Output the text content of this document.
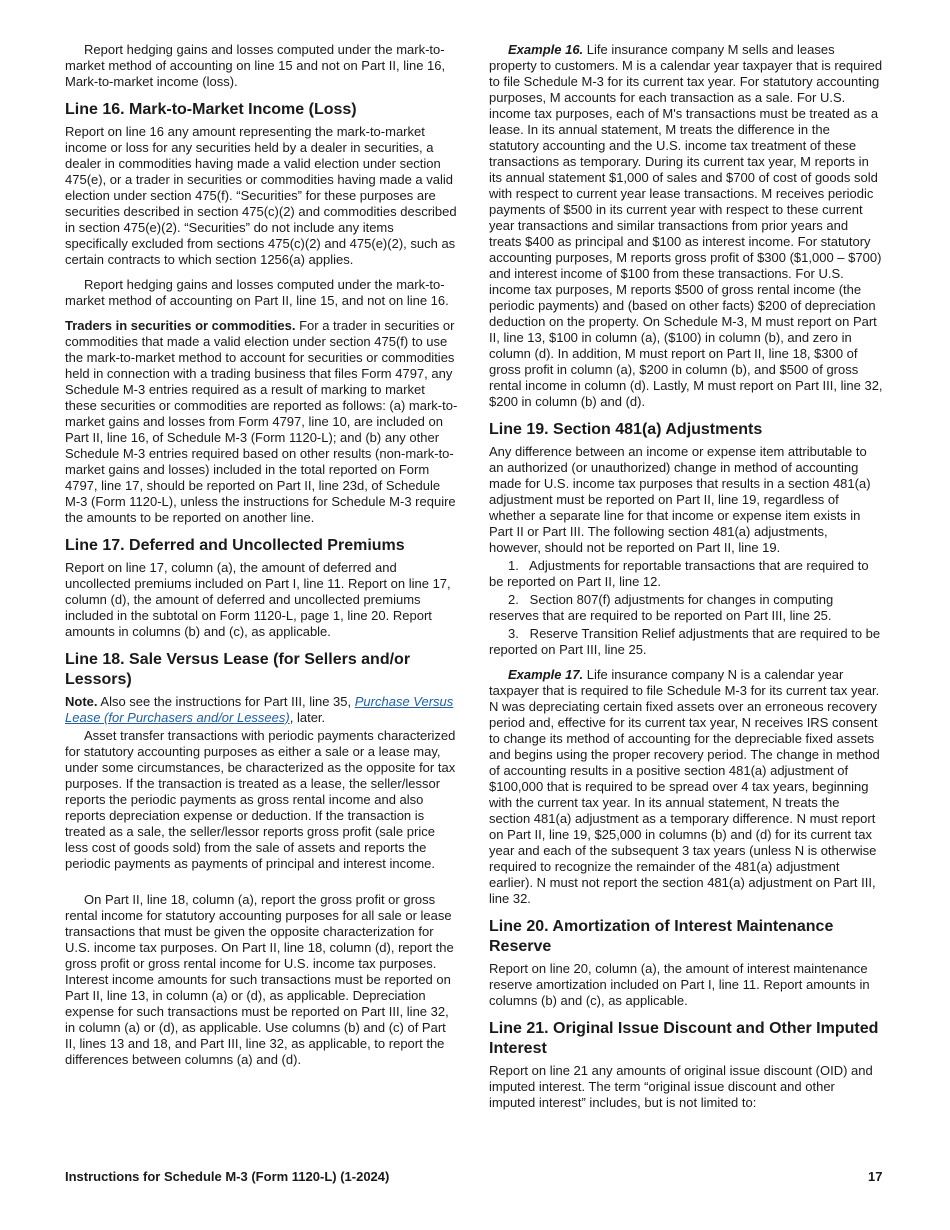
Report hedging gains and losses computed under the mark-to-market method of accounting on line 15 and not on Part II, line 16, Mark-to-market income (loss).

Line 16. Mark-to-Market Income (Loss)

Report on line 16 any amount representing the mark-to-market income or loss for any securities held by a dealer in securities, a dealer in commodities having made a valid election under section 475(e), or a trader in securities or commodities having made a valid election under section 475(f). “Securities” for these purposes are securities described in section 475(c)(2) and commodities described in section 475(e)(2). “Securities” do not include any items specifically excluded from sections 475(c)(2) and 475(e)(2), such as certain contracts to which section 1256(a) applies.

Report hedging gains and losses computed under the mark-to-market method of accounting on Part II, line 15, and not on line 16.

Traders in securities or commodities. For a trader in securities or commodities that made a valid election under section 475(f) to use the mark-to-market method to account for securities or commodities held in connection with a trading business that files Form 4797, any Schedule M-3 entries required as a result of marking to market these securities or commodities are reported as follows: (a) mark-to- market gains and losses from Form 4797, line 10, are included on Part II, line 16, of Schedule M-3 (Form 1120-L); and (b) any other Schedule M-3 entries required based on other results (non-mark-to-market gains and losses) included in the total reported on Form 4797, line 17, should be reported on Part II, line 23d, of Schedule M-3 (Form 1120-L), unless the instructions for Schedule M-3 require the amounts to be reported on another line.

Line 17. Deferred and Uncollected Premiums

Report on line 17, column (a), the amount of deferred and uncollected premiums included on Part I, line 11. Report on line 17, column (d), the amount of deferred and uncollected premiums included in the subtotal on Form 1120-L, page 1, line 20. Report amounts in columns (b) and (c), as applicable.

Line 18. Sale Versus Lease (for Sellers and/or Lessors)

Note. Also see the instructions for Part III, line 35, Purchase Versus Lease (for Purchasers and/or Lessees), later.

Asset transfer transactions with periodic payments characterized for statutory accounting purposes as either a sale or a lease may, under some circumstances, be characterized as the opposite for tax purposes. If the transaction is treated as a lease, the seller/lessor reports the periodic payments as gross rental income and also reports depreciation expense or deduction. If the transaction is treated as a sale, the seller/lessor reports gross profit (sale price less cost of goods sold) from the sale of assets and reports the periodic payments as payments of principal and interest income.

On Part II, line 18, column (a), report the gross profit or gross rental income for statutory accounting purposes for all sale or lease transactions that must be given the opposite characterization for U.S. income tax purposes. On Part II, line 18, column (d), report the gross profit or gross rental income for U.S. income tax purposes. Interest income amounts for such transactions must be reported on Part II, line 13, in column (a) or (d), as applicable. Depreciation expense for such transactions must be reported on Part III, line 32, in column (a) or (d), as applicable. Use columns (b) and (c) of Part II, lines 13 and 18, and Part III, line 32, as applicable, to report the differences between columns (a) and (d).

Example 16. Life insurance company M sells and leases property to customers. M is a calendar year taxpayer that is required to file Schedule M-3 for its current tax year. For statutory accounting purposes, M accounts for each transaction as a sale. For U.S. income tax purposes, each of M's transactions must be treated as a lease. In its annual statement, M treats the difference in the statutory accounting and the U.S. income tax treatment of these transactions as temporary. During its current tax year, M reports in its annual statement $1,000 of sales and $700 of cost of goods sold with respect to current year lease transactions. M receives periodic payments of $500 in its current year with respect to these current year transactions and similar transactions from prior years and treats $400 as principal and $100 as interest income. For statutory accounting purposes, M reports gross profit of $300 ($1,000 – $700) and interest income of $100 from these transactions. For U.S. income tax purposes, M reports $500 of gross rental income (the periodic payments) and (based on other facts) $200 of depreciation deduction on the property. On Schedule M-3, M must report on Part II, line 13, $100 in column (a), ($100) in column (b), and zero in column (d). In addition, M must report on Part II, line 18, $300 of gross profit in column (a), $200 in column (b), and $500 of gross rental income in column (d). Lastly, M must report on Part III, line 32, $200 in column (b) and (d).

Line 19. Section 481(a) Adjustments

Any difference between an income or expense item attributable to an authorized (or unauthorized) change in method of accounting made for U.S. income tax purposes that results in a section 481(a) adjustment must be reported on Part II, line 19, regardless of whether a separate line for that income or expense item exists in Part II or Part III. The following section 481(a) adjustments, however, should not be reported on Part II, line 19.

1.   Adjustments for reportable transactions that are required to be reported on Part II, line 12.

2.   Section 807(f) adjustments for changes in computing reserves that are required to be reported on Part III, line 25.

3.   Reserve Transition Relief adjustments that are required to be reported on Part III, line 25.

Example 17. Life insurance company N is a calendar year taxpayer that is required to file Schedule M-3 for its current tax year. N was depreciating certain fixed assets over an erroneous recovery period and, effective for its current tax year, N receives IRS consent to change its method of accounting for the depreciable fixed assets and begins using the proper recovery period. The change in method of accounting results in a positive section 481(a) adjustment of $100,000 that is required to be spread over 4 tax years, beginning with the current tax year. In its annual statement, N treats the section 481(a) adjustment as a temporary difference. N must report on Part II, line 19, $25,000 in columns (b) and (d) for its current tax year and each of the subsequent 3 tax years (unless N is otherwise required to recognize the remainder of the 481(a) adjustment earlier). N must not report the section 481(a) adjustment on Part III, line 32.

Line 20. Amortization of Interest Maintenance Reserve

Report on line 20, column (a), the amount of interest maintenance reserve amortization included on Part I, line 11. Report amounts in columns (b) and (c), as applicable.

Line 21. Original Issue Discount and Other Imputed Interest

Report on line 21 any amounts of original issue discount (OID) and imputed interest. The term “original issue discount and other imputed interest” includes, but is not limited to:

Instructions for Schedule M-3 (Form 1120-L) (1-2024)	17
